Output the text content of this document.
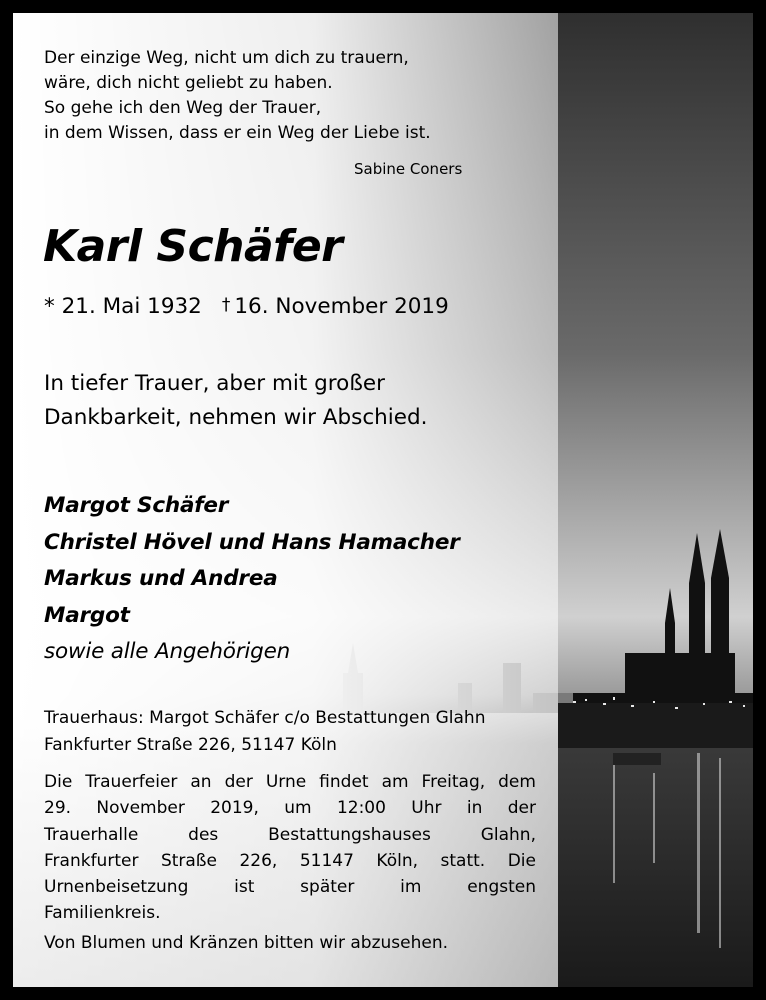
Der einzige Weg, nicht um dich zu trauern,
wäre, dich nicht geliebt zu haben.
So gehe ich den Weg der Trauer,
in dem Wissen, dass er ein Weg der Liebe ist.
Sabine Coners
Karl Schäfer
* 21. Mai 1932 † 16. November 2019
In tiefer Trauer, aber mit großer
Dankbarkeit, nehmen wir Abschied.
Margot Schäfer
Christel Hövel und Hans Hamacher
Markus und Andrea
Margot
sowie alle Angehörigen
Trauerhaus: Margot Schäfer c/o Bestattungen Glahn
Fankfurter Straße 226, 51147 Köln
Die Trauerfeier an der Urne findet am Freitag, dem
29. November 2019, um 12:00 Uhr in der
Trauerhalle	des	Bestattungshauses	Glahn,
Frankfurter Straße 226, 51147 Köln, statt. Die
Urnenbeisetzung	ist	später	im	engsten
Familienkreis.
Von Blumen und Kränzen bitten wir abzusehen.
